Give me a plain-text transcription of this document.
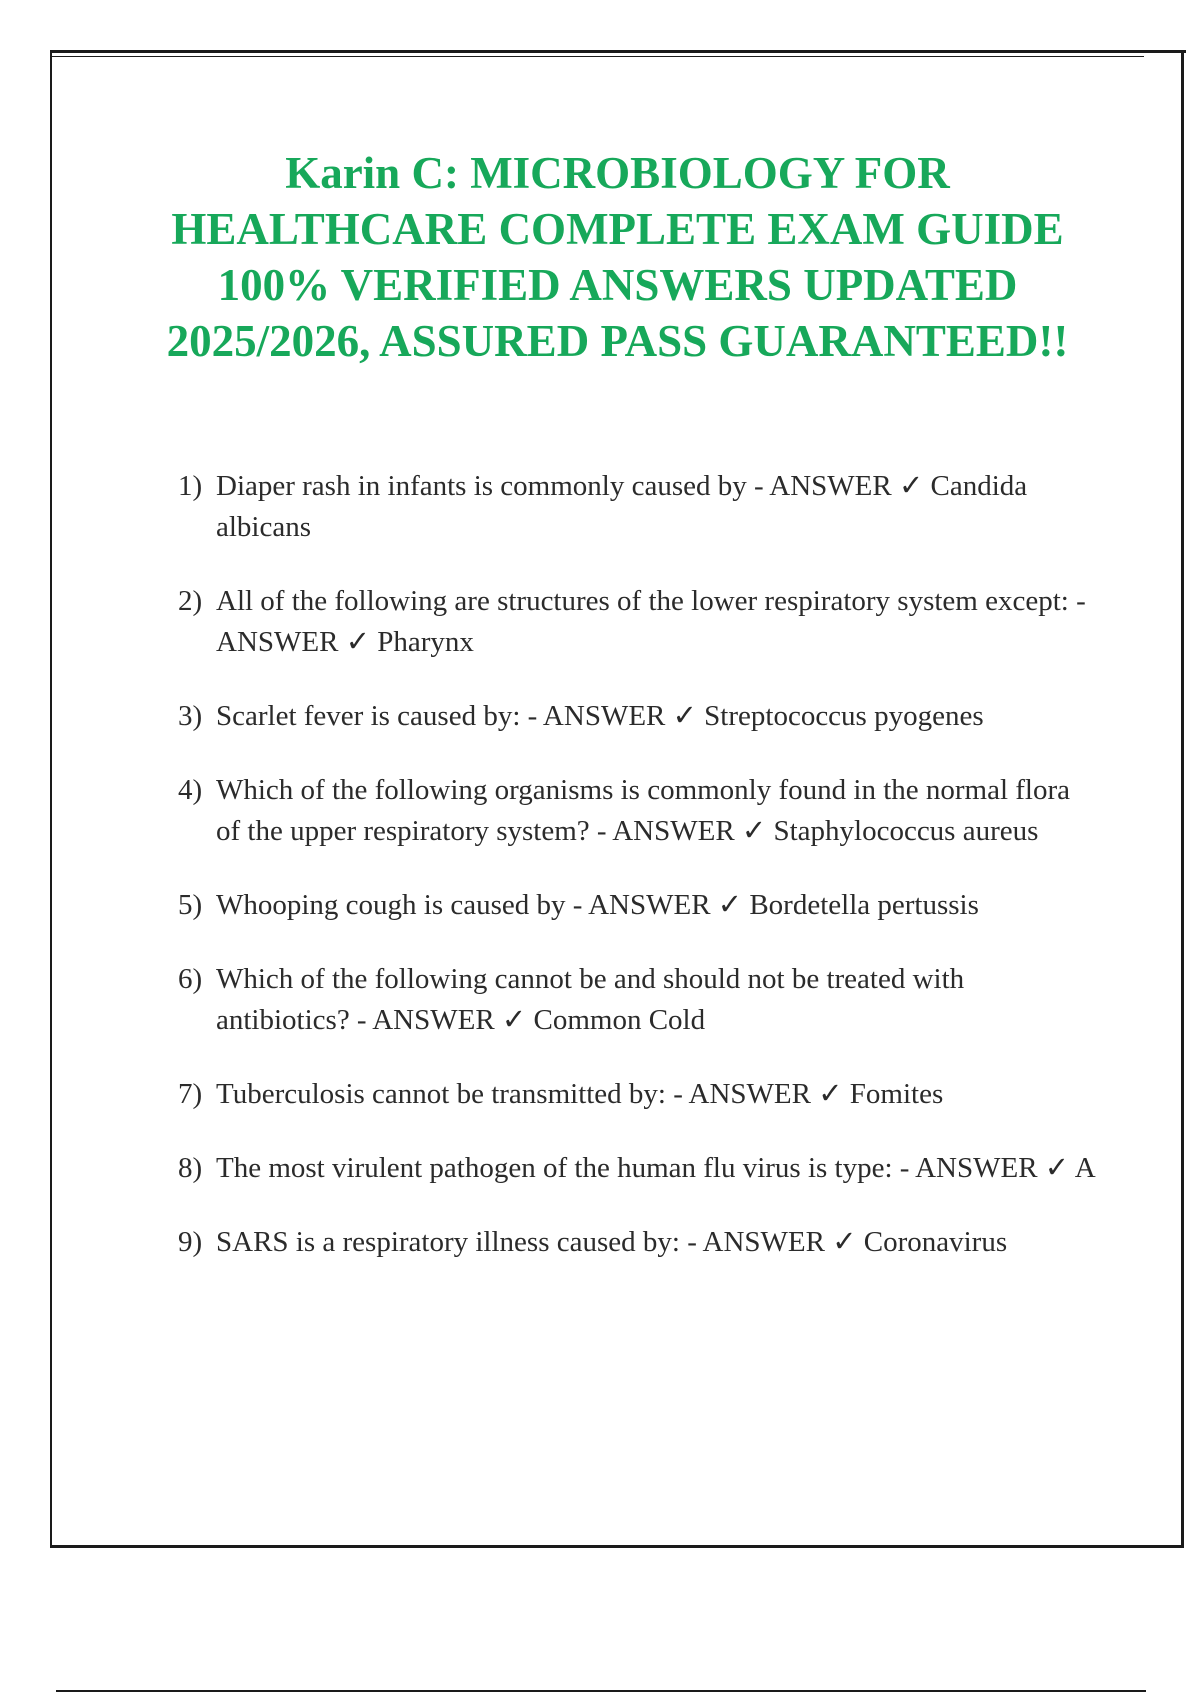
Karin C: MICROBIOLOGY FOR HEALTHCARE COMPLETE EXAM GUIDE 100% VERIFIED ANSWERS UPDATED 2025/2026, ASSURED PASS GUARANTEED!!
1) Diaper rash in infants is commonly caused by - ANSWER ✓ Candida albicans
2) All of the following are structures of the lower respiratory system except: - ANSWER ✓ Pharynx
3) Scarlet fever is caused by: - ANSWER ✓ Streptococcus pyogenes
4) Which of the following organisms is commonly found in the normal flora of the upper respiratory system? - ANSWER ✓ Staphylococcus aureus
5) Whooping cough is caused by - ANSWER ✓ Bordetella pertussis
6) Which of the following cannot be and should not be treated with antibiotics? - ANSWER ✓ Common Cold
7) Tuberculosis cannot be transmitted by: - ANSWER ✓ Fomites
8) The most virulent pathogen of the human flu virus is type: - ANSWER ✓ A
9) SARS is a respiratory illness caused by: - ANSWER ✓ Coronavirus
